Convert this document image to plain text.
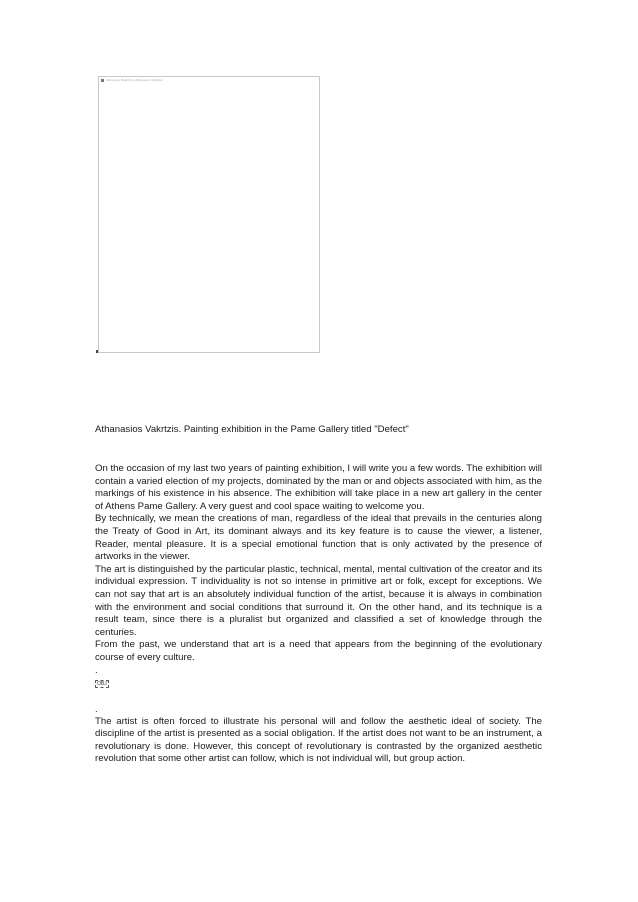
Αθανάσιος Βακρτζής (Athanasios Vakrtzis)
Athanasios Vakrtzis. Painting exhibition in the Pame Gallery titled "Defect"

On the occasion of my last two years of painting exhibition, I will write you a few words. The exhibition will contain a varied election of my projects, dominated by the man or and objects associated with him, as the markings of his existence in his absence. The exhibition will take place in a new art gallery in the center of Athens Pame Gallery. A very guest and cool space waiting to welcome you.

By technically, we mean the creations of man, regardless of the ideal that prevails in the centuries along the Treaty of Good in Art, its dominant always and its key feature is to cause the viewer, a listener, Reader, mental pleasure. It is a special emotional function that is only activated by the presence of artworks in the viewer.

The art is distinguished by the particular plastic, technical, mental, mental cultivation of the creator and its individual expression. T individuality is not so intense in primitive art or folk, except for exceptions. We can not say that art is an absolutely individual function of the artist, because it is always in combination with the environment and social conditions that surround it. On the other hand, and its technique is a result team, since there is a pluralist but organized and classified a set of knowledge through the centuries.

From the past, we understand that art is a need that appears from the beginning of the evolutionary course of every culture.

.

OBJ

.

The artist is often forced to illustrate his personal will and follow the aesthetic ideal of society. The discipline of the artist is presented as a social obligation. If the artist does not want to be an instrument, a revolutionary is done. However, this concept of revolutionary is contrasted by the organized aesthetic revolution that some other artist can follow, which is not individual will, but group action.
